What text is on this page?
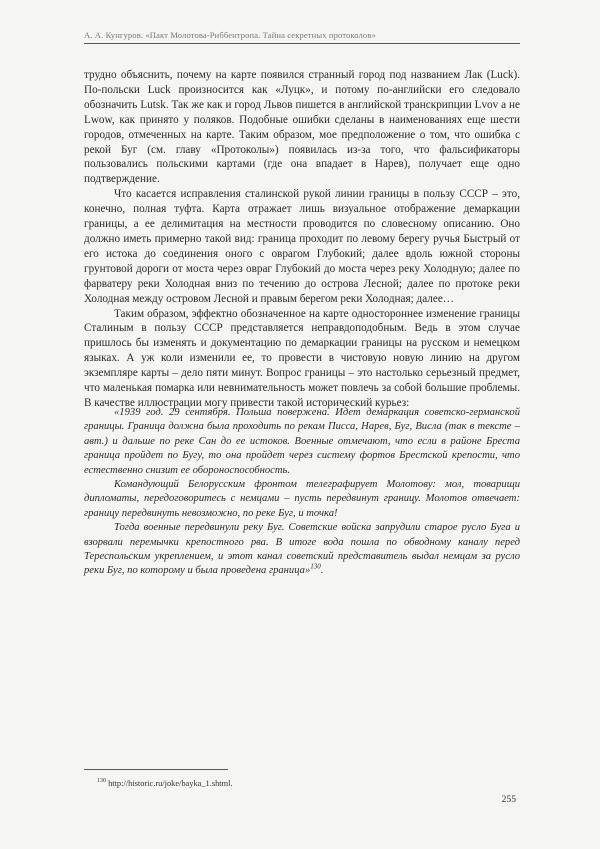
А. А. Кунгуров. «Пакт Молотова-Риббентропа. Тайна секретных протоколов»

трудно объяснить, почему на карте появился странный город под названием Лак (Luck). По-польски Luck произносится как «Луцк», и потому по-английски его следовало обозначить Lutsk. Так же как и город Львов пишется в английской транскрипции Lvov а не Lwow, как принято у поляков. Подобные ошибки сделаны в наименованиях еще шести городов, отмеченных на карте. Таким образом, мое предположение о том, что ошибка с рекой Буг (см. главу «Протоколы») появилась из-за того, что фальсификаторы пользовались польскими картами (где она впадает в Нарев), получает еще одно подтверждение.

Что касается исправления сталинской рукой линии границы в пользу СССР – это, конечно, полная туфта. Карта отражает лишь визуальное отображение демаркации границы, а ее делимитация на местности проводится по словесному описанию. Оно должно иметь примерно такой вид: граница проходит по левому берегу ручья Быстрый от его истока до соединения оного с оврагом Глубокий; далее вдоль южной стороны грунтовой дороги от моста через овраг Глубокий до моста через реку Холодную; далее по фарватеру реки Холодная вниз по течению до острова Лесной; далее по протоке реки Холодная между островом Лесной и правым берегом реки Холодная; далее…

Таким образом, эффектно обозначенное на карте одностороннее изменение границы Сталиным в пользу СССР представляется неправдоподобным. Ведь в этом случае пришлось бы изменять и документацию по демаркации границы на русском и немецком языках. А уж коли изменили ее, то провести в чистовую новую линию на другом экземпляре карты – дело пяти минут. Вопрос границы – это настолько серьезный предмет, что маленькая помарка или невнимательность может повлечь за собой большие проблемы. В качестве иллюстрации могу привести такой исторический курьез:

«1939 год. 29 сентября. Польша повержена. Идет демаркация советско-германской границы. Граница должна была проходить по рекам Писса, Нарев, Буг, Висла (так в тексте – авт.) и дальше по реке Сан до ее истоков. Военные отмечают, что если в районе Бреста граница пройдет по Бугу, то она пройдет через систему фортов Брестской крепости, что естественно снизит ее обороноспособность.

Командующий Белорусским фронтом телеграфирует Молотову: мол, товарищи дипломаты, передоговоритесь с немцами – пусть передвинут границу. Молотов отвечает: границу передвинуть невозможно, по реке Буг, и точка!

Тогда военные передвинули реку Буг. Советские войска запрудили старое русло Буга и взорвали перемычки крепостного рва. В итоге вода пошла по обводному каналу перед Тереспольским укреплением, и этот канал советский представитель выдал немцам за русло реки Буг, по которому и была проведена граница»$^{130}$.

$^{130}$ http://historic.ru/joke/bayka_1.shtml.
255
